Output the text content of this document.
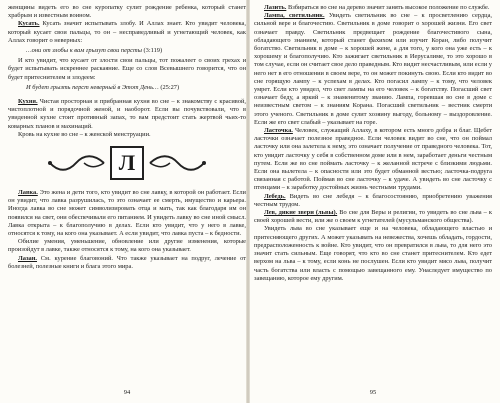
женщины видеть его во сне куропатку сулит рождение ребенка, который станет храбрым и известным воином.

Кусать. Кусать значит испытывать злобу. И Аллах знает. Кто увидит человека, который кусает свои пальцы, то он – несправедливый и угнетающий человек, как Аллах говорит о неверных:

…они от злобы к вам грызут свои персты (3:119)

И кто увидит, что кусает от злости свои пальцы, тот пожалеет о своих грехах и будет испытывать искреннее раскаяние. Еще со слов Всевышнего говорится, что он будет притеснителем и злодеем:

И будет грызть перст неверный в Этот День… (25:27)

Кухня. Чистая просторная и прибранная кухня во сне – к знакомству с красивой, чистоплотной и порядочной женой, и наоборот. Если вы почувствовали, что в увиденной кухне стоит противный запах, то вам предстоит стать жертвой чьих-то коварных планов и махинаций.

Кровь на кухне во сне – к женской менструации.

Л

Лавка. Это жена и дети того, кто увидит во сне лавку, в которой он работает. Если он увидит, что лавка разрушилась, то это означает ее смерть, имущество и карьера. Иногда лавка во сне может символизировать отца и мать, так как благодаря им он появился на свет, они обеспечивали его питанием. И увидеть лавку во сне иной смысл. Лавка открыта – к благополучию в делах. Если кто увидит, что у него в лавке, относятся к тому, на кого она указывает. А если увидит, что лавка пуста – к бедности.

Обилие умения, уменьшение, обновление или другие изменения, которые произойдут в лавке, также относятся к тому, на кого она указывает.

Лазан. См. курение благовоний. Что также указывает на подруг, лечение от болезней, полезные книги и блага этого мира.

94

Лазить. Взбираться во сне на дерево значит занять высокое положение по службе.

Лампа, светильник. Увидеть светильник во сне – к просветлению сердца, сильной вере и благочестию. Светильник в доме говорит о хорошей жизни. Его свет означает правду. Светильник предвещает рождение благочестивого сына, обладающего знанием, который станет фахихом или изучит Коран, либо получит богатство. Светильник в доме – к хорошей жене, а для того, у кого она уже есть – к хорошему и благополучию. Кто зажигает светильник в Иерусалиме, то это хорошо в том случае, если он считает свое дело праведным. Кто видит несчастливым, или если у него нет в его отношении в своем вере, то он может покинуть свою. Если кто видит во сне горящую лампу – к успехам в делах. Кто погасил лампу – к тому, что человек умрет. Если кто увидел, что свет лампы на его человек – к богатству. Погасший свет означает беду, а яркий – к знаменитому званию. Лампа, горевшая во сне в доме с неизвестным светом – к знаниям Корана. Погасший светильник – вестник смерти этого ученого. Светильник в доме сулит хозяину выгоду, больному – выздоровление. Если же его свет слабый – указывает на горе.

Ласточка. Человек, служащий Аллаху, в котором есть много добра и благ. Щебет ласточки означает полезное праведное. Если человек видит во сне, что он поймал ласточку или она залетела к нему, это означает получение от праведного человека. Тот, кто увидит ласточку у себя в собственном доме или в нем, заработает деньги честным путем. Если же во сне поймать ласточку – к желанной встрече с близкими людьми. Если она вылетела – к опасности или это будет обманной вестью; ласточка-подруга связанная с работой. Поймав во сне ласточку – к удаче. А увидеть во сне ласточку с птенцами – к заработку достойных жизнь честными трудами.

Лебедь. Видеть во сне лебедя – к благосостоянию, приобретению уважения честным трудом.

Лев, дикие звери (львы). Во сне для Веры и религии, то увидеть во сне льва – к своей хорошей вести, или же о своем к угнетателей (мусульманского общества).

Увидеть льва во сне указывает еще и на человека, обладающего властью и притесняющего других. А может указывать на невежества, хочешь обладать, гордости, предрасположенность к войне. Кто увидит, что он превратился в льва, то для него это значит стать сильным. Еще говорят, что кто во сне станет притеснителем. Кто едет верхом на льва – к тому, если конь не послушен. Если кто увидит мясо льва, получит часть богатства или власть с помощью завещанного ему. Унаследует имущество по завещанию, которое ему другим.

95
